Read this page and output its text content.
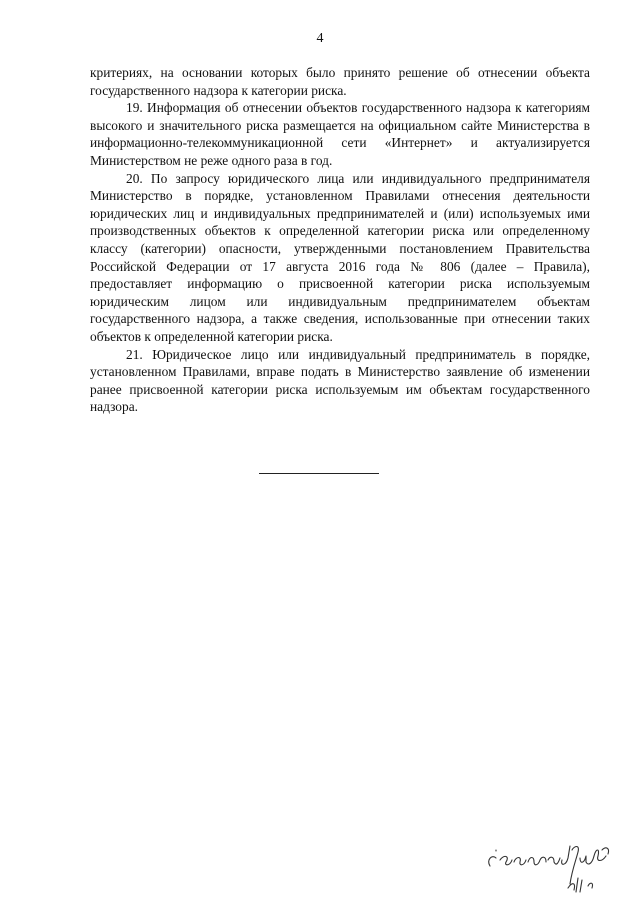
4

критериях, на основании которых было принято решение об отнесении объекта государственного надзора к категории риска.

19. Информация об отнесении объектов государственного надзора к категориям высокого и значительного риска размещается на официальном сайте Министерства в информационно-телекоммуникационной сети «Интернет» и актуализируется Министерством не реже одного раза в год.

20. По запросу юридического лица или индивидуального предпринимателя Министерство в порядке, установленном Правилами отнесения деятельности юридических лиц и индивидуальных предпринимателей и (или) используемых ими производственных объектов к определенной категории риска или определенному классу (категории) опасности, утвержденными постановлением Правительства Российской Федерации от 17 августа 2016 года № 806 (далее – Правила), предоставляет информацию о присвоенной категории риска используемым юридическим лицом или индивидуальным предпринимателем объектам государственного надзора, а также сведения, использованные при отнесении таких объектов к определенной категории риска.

21. Юридическое лицо или индивидуальный предприниматель в порядке, установленном Правилами, вправе подать в Министерство заявление об изменении ранее присвоенной категории риска используемым им объектам государственного надзора.
